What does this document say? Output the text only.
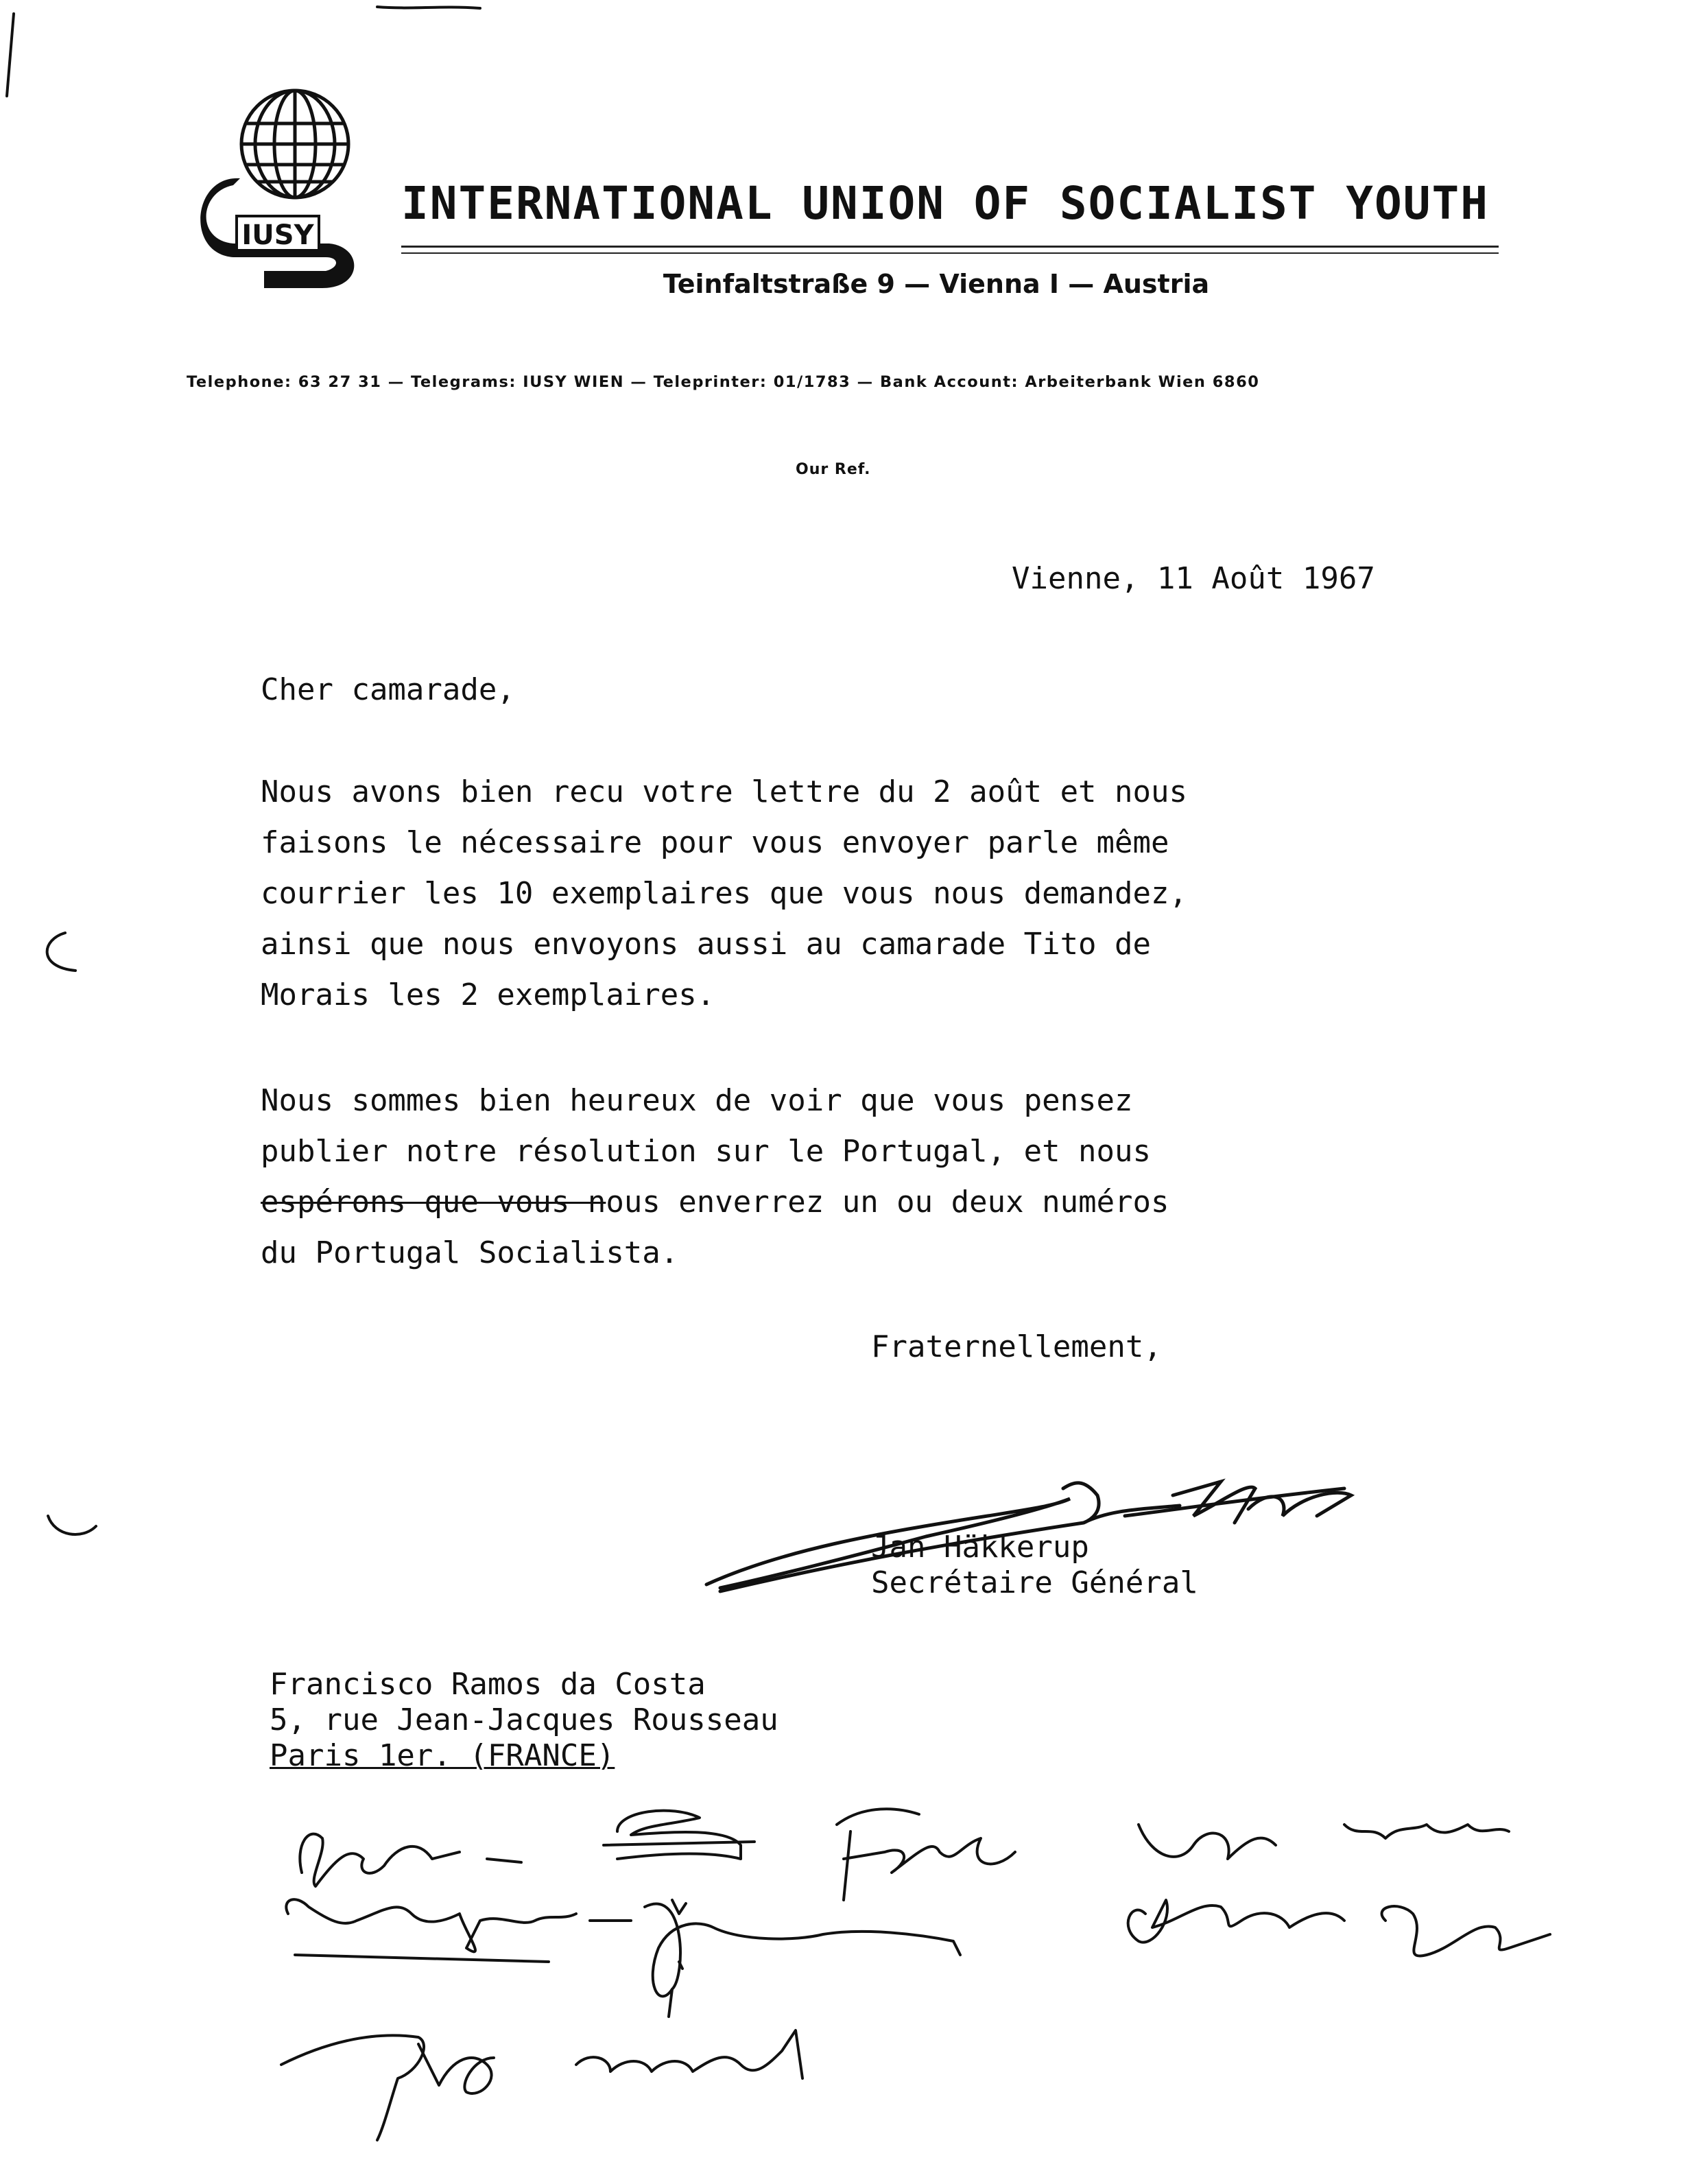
IUSY
INTERNATIONAL UNION OF SOCIALIST YOUTH
Teinfaltstraße 9 — Vienna I — Austria
Telephone: 63 27 31 — Telegrams: IUSY WIEN — Teleprinter: 01/1783 — Bank Account: Arbeiterbank Wien 6860
Our Ref.
Vienne, 11 Août 1967
Cher camarade,
Nous avons bien recu votre lettre du 2 août et nous
faisons le nécessaire pour vous envoyer parle même
courrier les 10 exemplaires que vous nous demandez,
ainsi que nous envoyons aussi au camarade Tito de
Morais les 2 exemplaires.
Nous sommes bien heureux de voir que vous pensez
publier notre résolution sur le Portugal, et nous
espérons que vous nous enverrez un ou deux numéros
du Portugal Socialista.
Fraternellement,
Jan Häkkerup
Secrétaire Général
Francisco Ramos da Costa
5, rue Jean-Jacques Rousseau
Paris 1er. (FRANCE)
